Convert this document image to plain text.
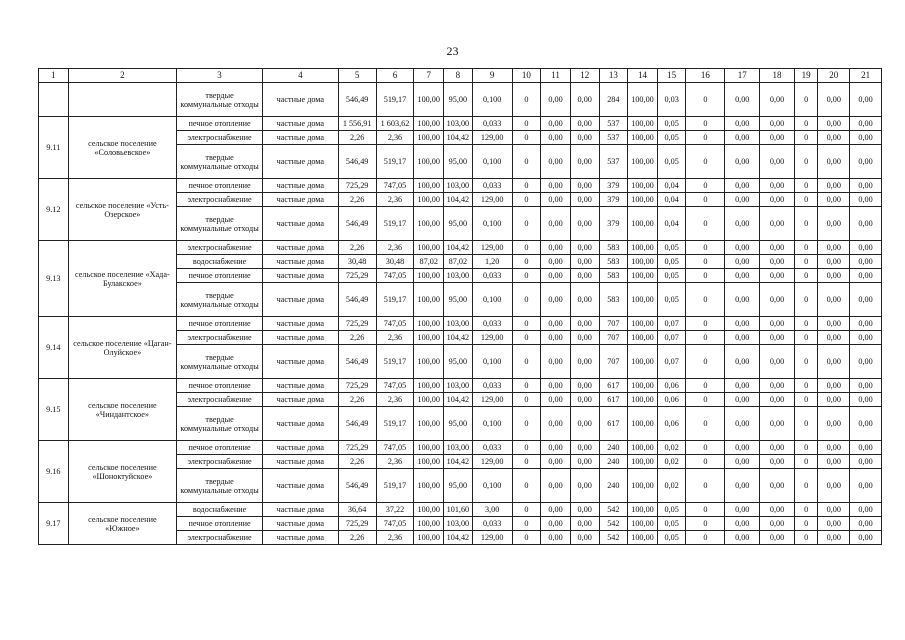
23
1	2	3	4	5	6	7	8	9	10	11	12	13	14	15	16	17	18	19	20	21
		твердые коммунальные отходы	частные дома	546,49	519,17	100,00	95,00	0,100	0	0,00	0,00	284	100,00	0,03	0	0,00	0,00	0	0,00	0,00
9.11	сельское поселение «Соловьевское»	печное отопление	частные дома	1 556,91	1 603,62	100,00	103,00	0,033	0	0,00	0,00	537	100,00	0,05	0	0,00	0,00	0	0,00	0,00
		электроснабжение	частные дома	2,26	2,36	100,00	104,42	129,00	0	0,00	0,00	537	100,00	0,05	0	0,00	0,00	0	0,00	0,00
		твердые коммунальные отходы	частные дома	546,49	519,17	100,00	95,00	0,100	0	0,00	0,00	537	100,00	0,05	0	0,00	0,00	0	0,00	0,00
9.12	сельское поселение «Усть-Озерское»	печное отопление	частные дома	725,29	747,05	100,00	103,00	0,033	0	0,00	0,00	379	100,00	0,04	0	0,00	0,00	0	0,00	0,00
		электроснабжение	частные дома	2,26	2,36	100,00	104,42	129,00	0	0,00	0,00	379	100,00	0,04	0	0,00	0,00	0	0,00	0,00
		твердые коммунальные отходы	частные дома	546,49	519,17	100,00	95,00	0,100	0	0,00	0,00	379	100,00	0,04	0	0,00	0,00	0	0,00	0,00
9.13	сельское поселение «Хада-Булакское»	электроснабжение	частные дома	2,26	2,36	100,00	104,42	129,00	0	0,00	0,00	583	100,00	0,05	0	0,00	0,00	0	0,00	0,00
		водоснабжение	частные дома	30,48	30,48	87,02	87,02	1,20	0	0,00	0,00	583	100,00	0,05	0	0,00	0,00	0	0,00	0,00
		печное отопление	частные дома	725,29	747,05	100,00	103,00	0,033	0	0,00	0,00	583	100,00	0,05	0	0,00	0,00	0	0,00	0,00
		твердые коммунальные отходы	частные дома	546,49	519,17	100,00	95,00	0,100	0	0,00	0,00	583	100,00	0,05	0	0,00	0,00	0	0,00	0,00
9.14	сельское поселение «Цаган-Олуйское»	печное отопление	частные дома	725,29	747,05	100,00	103,00	0,033	0	0,00	0,00	707	100,00	0,07	0	0,00	0,00	0	0,00	0,00
		электроснабжение	частные дома	2,26	2,36	100,00	104,42	129,00	0	0,00	0,00	707	100,00	0,07	0	0,00	0,00	0	0,00	0,00
		твердые коммунальные отходы	частные дома	546,49	519,17	100,00	95,00	0,100	0	0,00	0,00	707	100,00	0,07	0	0,00	0,00	0	0,00	0,00
9.15	сельское поселение «Чиндантское»	печное отопление	частные дома	725,29	747,05	100,00	103,00	0,033	0	0,00	0,00	617	100,00	0,06	0	0,00	0,00	0	0,00	0,00
		электроснабжение	частные дома	2,26	2,36	100,00	104,42	129,00	0	0,00	0,00	617	100,00	0,06	0	0,00	0,00	0	0,00	0,00
		твердые коммунальные отходы	частные дома	546,49	519,17	100,00	95,00	0,100	0	0,00	0,00	617	100,00	0,06	0	0,00	0,00	0	0,00	0,00
9.16	сельское поселение «Шоноктуйское»	печное отопление	частные дома	725,29	747,05	100,00	103,00	0,033	0	0,00	0,00	240	100,00	0,02	0	0,00	0,00	0	0,00	0,00
		электроснабжение	частные дома	2,26	2,36	100,00	104,42	129,00	0	0,00	0,00	240	100,00	0,02	0	0,00	0,00	0	0,00	0,00
		твердые коммунальные отходы	частные дома	546,49	519,17	100,00	95,00	0,100	0	0,00	0,00	240	100,00	0,02	0	0,00	0,00	0	0,00	0,00
9.17	сельское поселение «Южное»	водоснабжение	частные дома	36,64	37,22	100,00	101,60	3,00	0	0,00	0,00	542	100,00	0,05	0	0,00	0,00	0	0,00	0,00
		печное отопление	частные дома	725,29	747,05	100,00	103,00	0,033	0	0,00	0,00	542	100,00	0,05	0	0,00	0,00	0	0,00	0,00
		электроснабжение	частные дома	2,26	2,36	100,00	104,42	129,00	0	0,00	0,00	542	100,00	0,05	0	0,00	0,00	0	0,00	0,00
